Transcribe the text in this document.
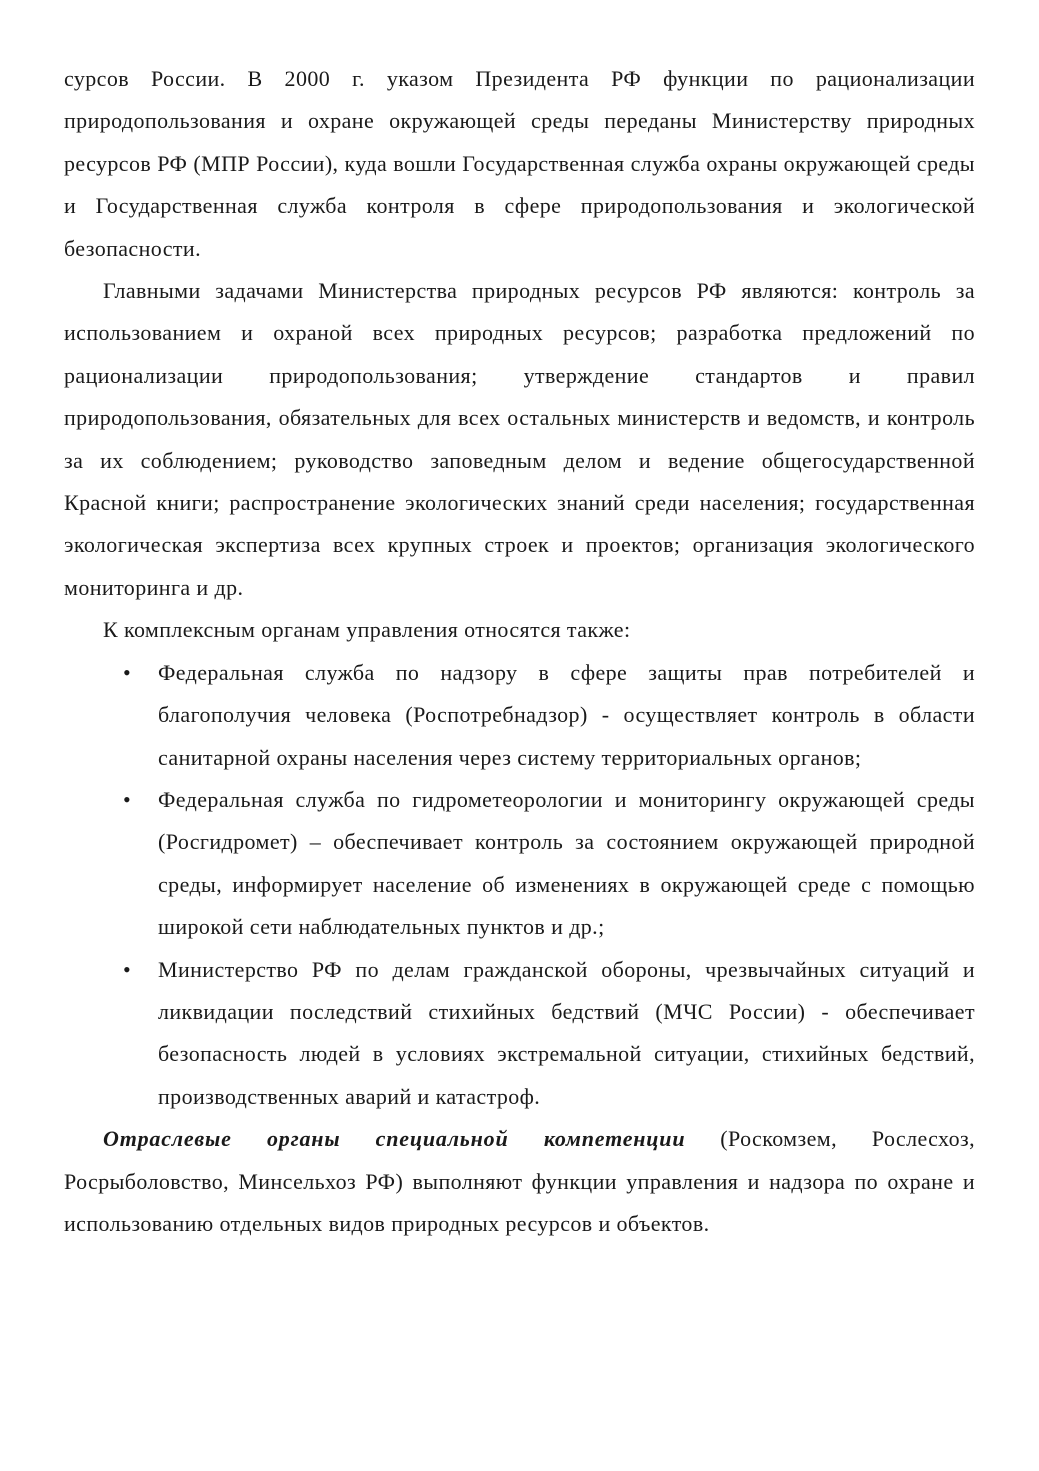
сурсов России. В 2000 г. указом Президента РФ функции по рационализации природопользования и охране окружающей среды переданы Министерству природных ресурсов РФ (МПР России), куда вошли Государственная служба охраны окружающей среды и Государственная служба контроля в сфере природопользования и экологической безопасности.

Главными задачами Министерства природных ресурсов РФ являются: контроль за использованием и охраной всех природных ресурсов; разработка предложений по рационализации природопользования; утверждение стандартов и правил природопользования, обязательных для всех остальных министерств и ведомств, и контроль за их соблюдением; руководство заповедным делом и ведение общегосударственной Красной книги; распространение экологических знаний среди населения; государственная экологическая экспертиза всех крупных строек и проектов; организация экологического мониторинга и др.

К комплексным органам управления относятся также:

• Федеральная служба по надзору в сфере защиты прав потребителей и благополучия человека (Роспотребнадзор) - осуществляет контроль в области санитарной охраны населения через систему территориальных органов;
• Федеральная служба по гидрометеорологии и мониторингу окружающей среды (Росгидромет) – обеспечивает контроль за состоянием окружающей природной среды, информирует население об изменениях в окружающей среде с помощью широкой сети наблюдательных пунктов и др.;
• Министерство РФ по делам гражданской обороны, чрезвычайных ситуаций и ликвидации последствий стихийных бедствий (МЧС России) - обеспечивает безопасность людей в условиях экстремальной ситуации, стихийных бедствий, производственных аварий и катастроф.

Отраслевые органы специальной компетенции (Роскомзем, Рослесхоз, Росрыболовство, Минсельхоз РФ) выполняют функции управления и надзора по охране и использованию отдельных видов природных ресурсов и объектов.
